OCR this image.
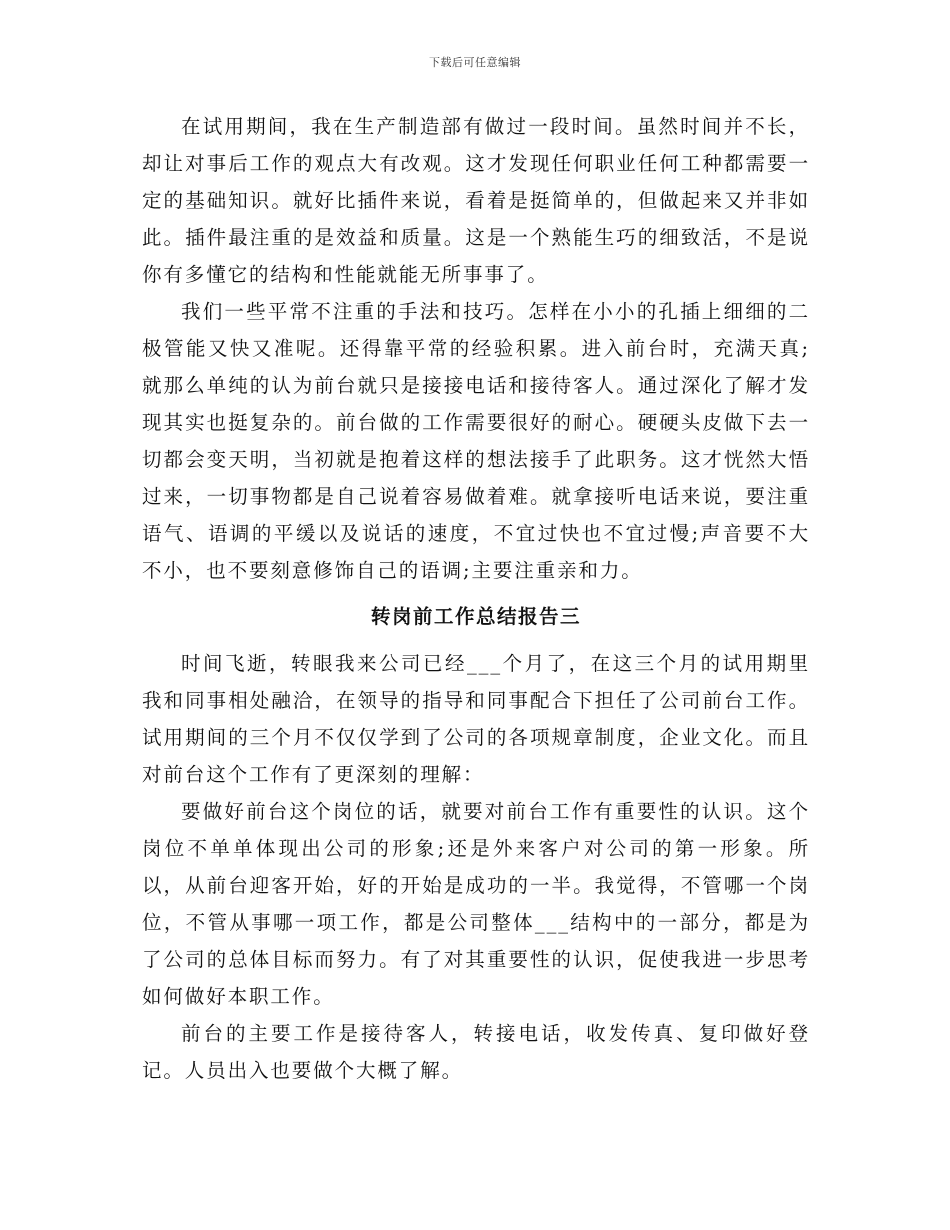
下载后可任意编辑

在试用期间，我在生产制造部有做过一段时间。虽然时间并不长，却让对事后工作的观点大有改观。这才发现任何职业任何工种都需要一定的基础知识。就好比插件来说，看着是挺简单的，但做起来又并非如此。插件最注重的是效益和质量。这是一个熟能生巧的细致活，不是说你有多懂它的结构和性能就能无所事事了。

我们一些平常不注重的手法和技巧。怎样在小小的孔插上细细的二极管能又快又准呢。还得靠平常的经验积累。进入前台时，充满天真;就那么单纯的认为前台就只是接接电话和接待客人。通过深化了解才发现其实也挺复杂的。前台做的工作需要很好的耐心。硬硬头皮做下去一切都会变天明，当初就是抱着这样的想法接手了此职务。这才恍然大悟过来，一切事物都是自己说着容易做着难。就拿接听电话来说，要注重语气、语调的平缓以及说话的速度，不宜过快也不宜过慢;声音要不大不小，也不要刻意修饰自己的语调;主要注重亲和力。

转岗前工作总结报告三

时间飞逝，转眼我来公司已经___个月了，在这三个月的试用期里我和同事相处融洽，在领导的指导和同事配合下担任了公司前台工作。试用期间的三个月不仅仅学到了公司的各项规章制度，企业文化。而且对前台这个工作有了更深刻的理解：

要做好前台这个岗位的话，就要对前台工作有重要性的认识。这个岗位不单单体现出公司的形象;还是外来客户对公司的第一形象。所以，从前台迎客开始，好的开始是成功的一半。我觉得，不管哪一个岗位，不管从事哪一项工作，都是公司整体___结构中的一部分，都是为了公司的总体目标而努力。有了对其重要性的认识，促使我进一步思考如何做好本职工作。

前台的主要工作是接待客人，转接电话，收发传真、复印做好登记。人员出入也要做个大概了解。
